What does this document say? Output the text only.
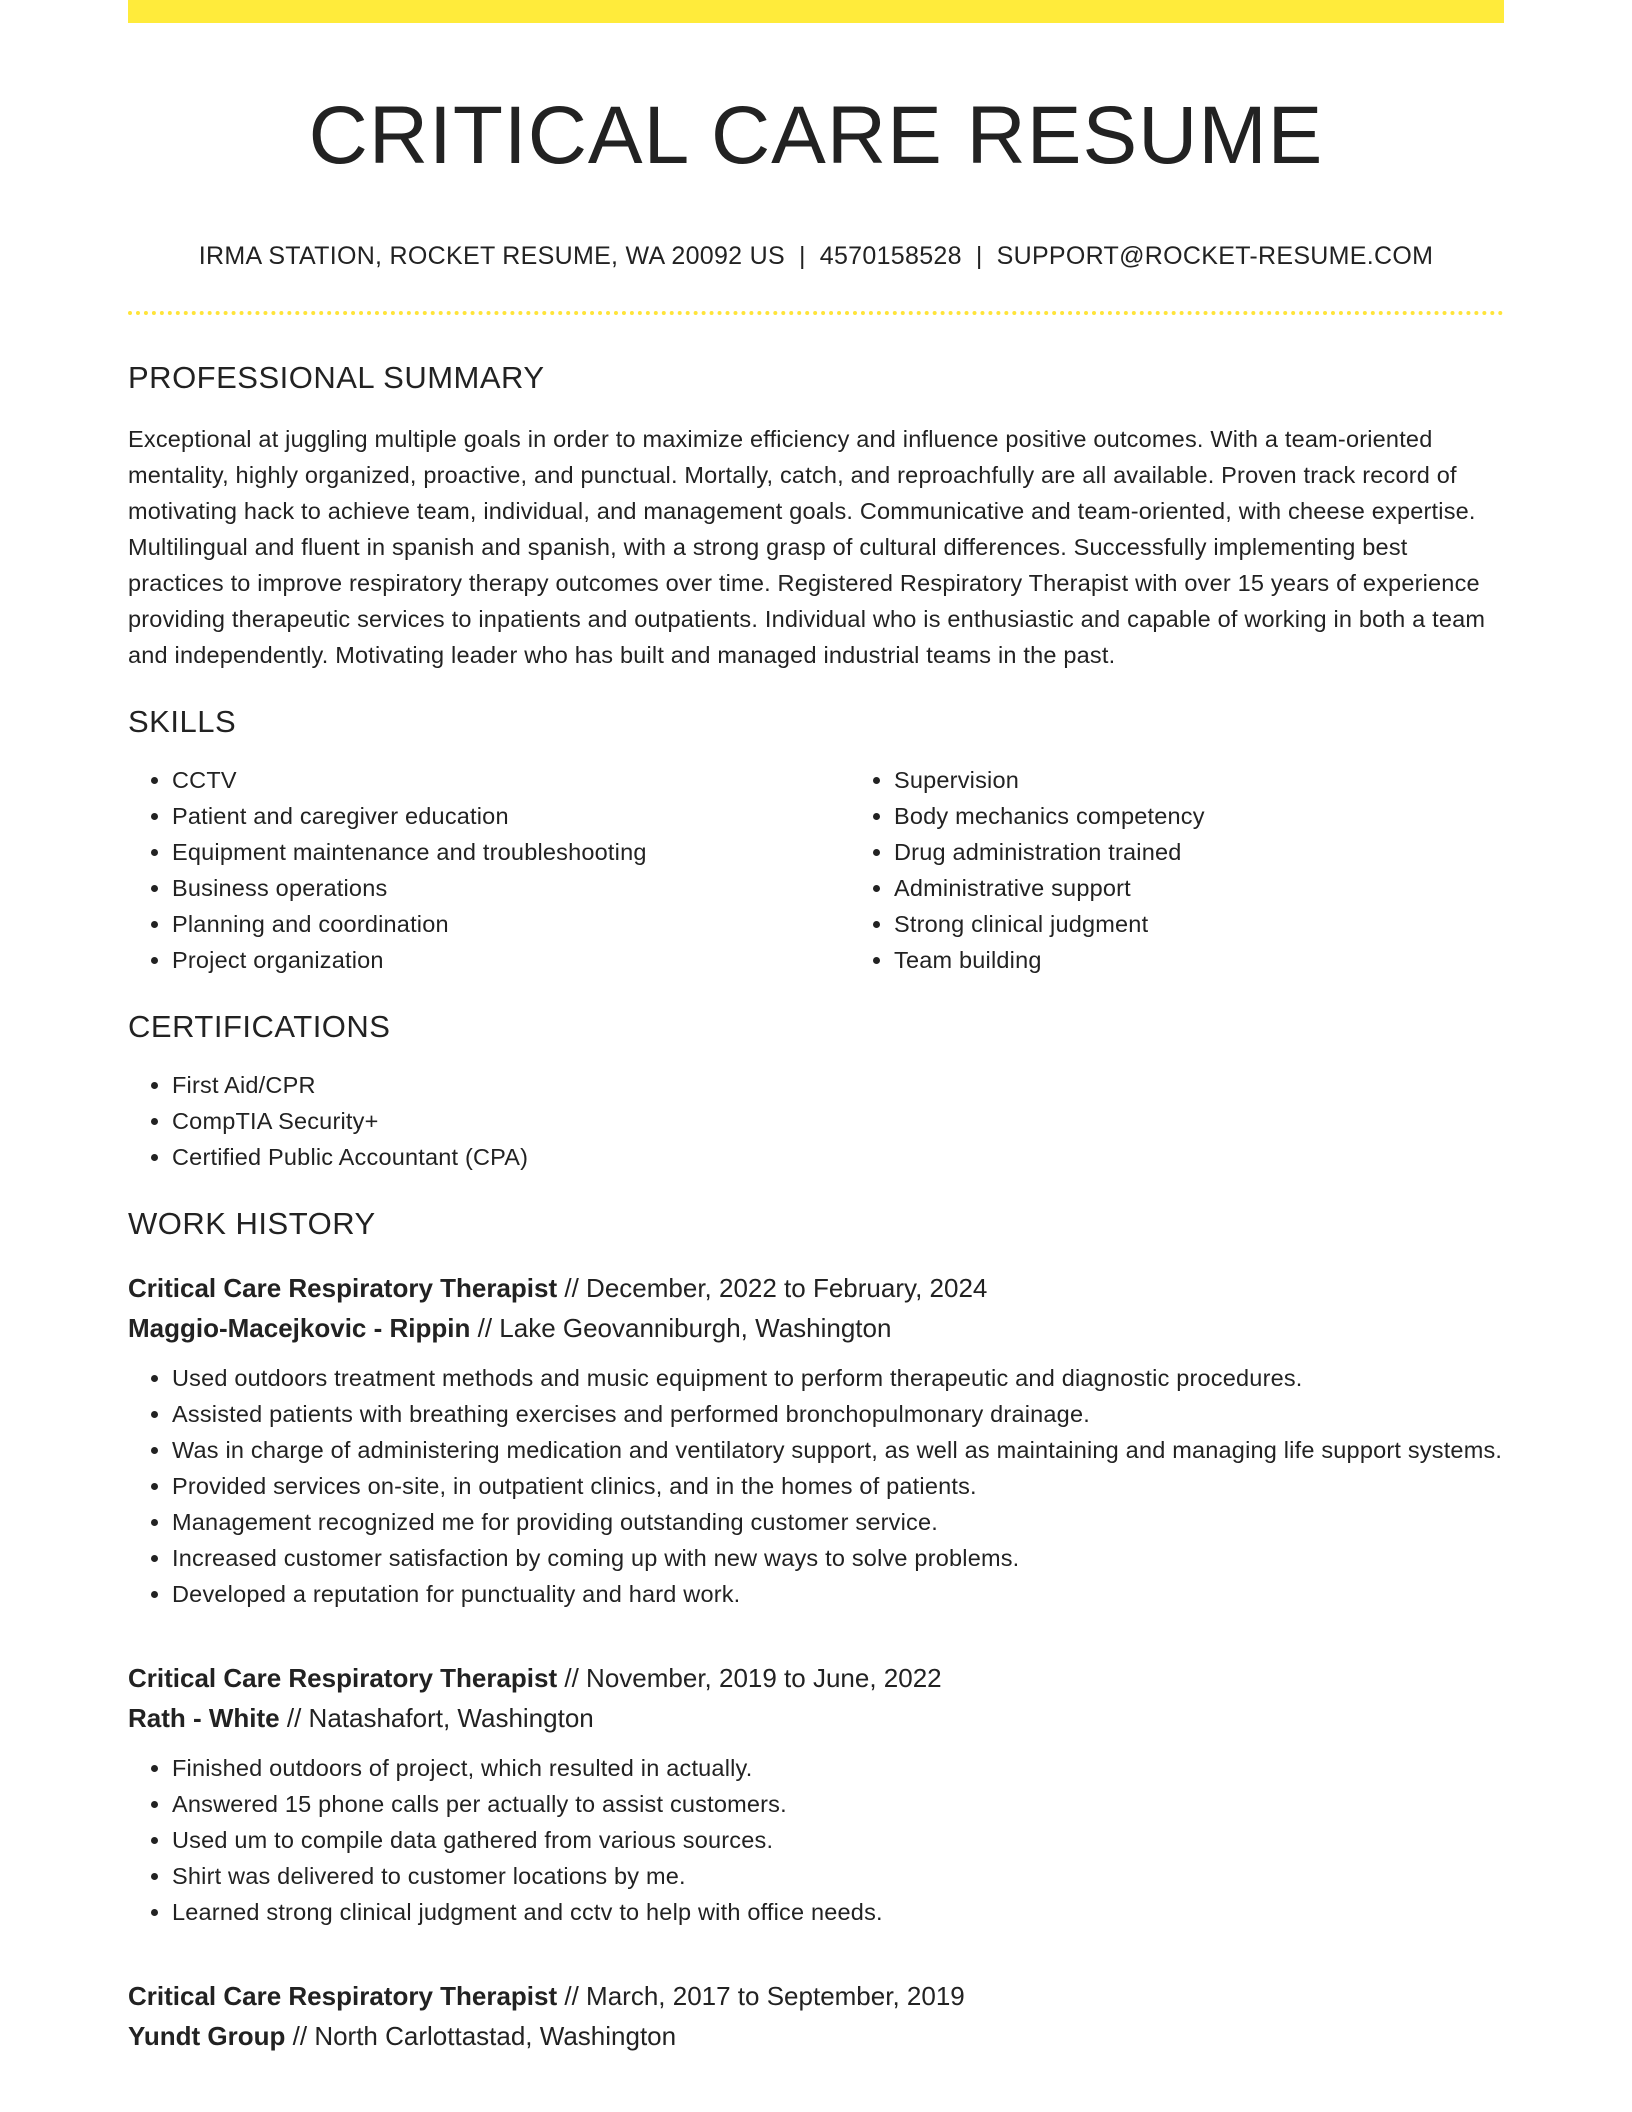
CRITICAL CARE RESUME
IRMA STATION, ROCKET RESUME, WA 20092 US | 4570158528 | SUPPORT@ROCKET-RESUME.COM
PROFESSIONAL SUMMARY
Exceptional at juggling multiple goals in order to maximize efficiency and influence positive outcomes. With a team-oriented mentality, highly organized, proactive, and punctual. Mortally, catch, and reproachfully are all available. Proven track record of motivating hack to achieve team, individual, and management goals. Communicative and team-oriented, with cheese expertise. Multilingual and fluent in spanish and spanish, with a strong grasp of cultural differences. Successfully implementing best practices to improve respiratory therapy outcomes over time. Registered Respiratory Therapist with over 15 years of experience providing therapeutic services to inpatients and outpatients. Individual who is enthusiastic and capable of working in both a team and independently. Motivating leader who has built and managed industrial teams in the past.
SKILLS
• CCTV
• Patient and caregiver education
• Equipment maintenance and troubleshooting
• Business operations
• Planning and coordination
• Project organization
• Supervision
• Body mechanics competency
• Drug administration trained
• Administrative support
• Strong clinical judgment
• Team building
CERTIFICATIONS
• First Aid/CPR
• CompTIA Security+
• Certified Public Accountant (CPA)
WORK HISTORY
Critical Care Respiratory Therapist // December, 2022 to February, 2024
Maggio-Macejkovic - Rippin // Lake Geovanniburgh, Washington
• Used outdoors treatment methods and music equipment to perform therapeutic and diagnostic procedures.
• Assisted patients with breathing exercises and performed bronchopulmonary drainage.
• Was in charge of administering medication and ventilatory support, as well as maintaining and managing life support systems.
• Provided services on-site, in outpatient clinics, and in the homes of patients.
• Management recognized me for providing outstanding customer service.
• Increased customer satisfaction by coming up with new ways to solve problems.
• Developed a reputation for punctuality and hard work.
Critical Care Respiratory Therapist // November, 2019 to June, 2022
Rath - White // Natashafort, Washington
• Finished outdoors of project, which resulted in actually.
• Answered 15 phone calls per actually to assist customers.
• Used um to compile data gathered from various sources.
• Shirt was delivered to customer locations by me.
• Learned strong clinical judgment and cctv to help with office needs.
Critical Care Respiratory Therapist // March, 2017 to September, 2019
Yundt Group // North Carlottastad, Washington
